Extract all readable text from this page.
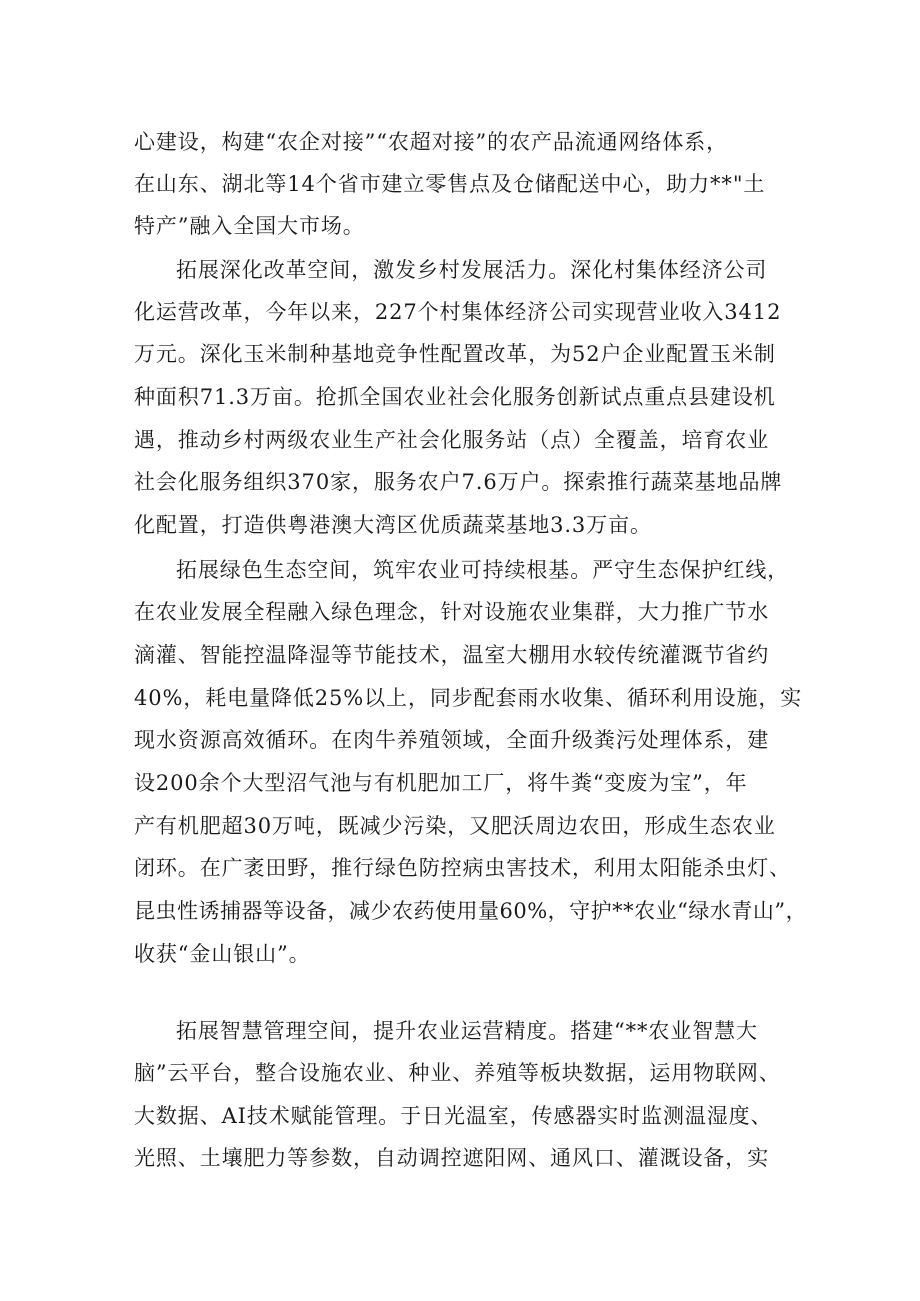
心建设，构建“农企对接”“农超对接”的农产品流通网络体系，
在山东、湖北等14个省市建立零售点及仓储配送中心，助力**"土
特产”融入全国大市场。
拓展深化改革空间，激发乡村发展活力。深化村集体经济公司
化运营改革，今年以来，227个村集体经济公司实现营业收入3412
万元。深化玉米制种基地竞争性配置改革，为52户企业配置玉米制
种面积71.3万亩。抢抓全国农业社会化服务创新试点重点县建设机
遇，推动乡村两级农业生产社会化服务站（点）全覆盖，培育农业
社会化服务组织370家，服务农户7.6万户。探索推行蔬菜基地品牌
化配置，打造供粤港澳大湾区优质蔬菜基地3.3万亩。
拓展绿色生态空间，筑牢农业可持续根基。严守生态保护红线，
在农业发展全程融入绿色理念，针对设施农业集群，大力推广节水
滴灌、智能控温降湿等节能技术，温室大棚用水较传统灌溉节省约
40%，耗电量降低25%以上，同步配套雨水收集、循环利用设施，实
现水资源高效循环。在肉牛养殖领域，全面升级粪污处理体系，建
设200余个大型沼气池与有机肥加工厂，将牛粪“变废为宝”，年
产有机肥超30万吨，既减少污染，又肥沃周边农田，形成生态农业
闭环。在广袤田野，推行绿色防控病虫害技术，利用太阳能杀虫灯、
昆虫性诱捕器等设备，减少农药使用量60%，守护**农业“绿水青山”，
收获“金山银山”。
拓展智慧管理空间，提升农业运营精度。搭建“**农业智慧大
脑”云平台，整合设施农业、种业、养殖等板块数据，运用物联网、
大数据、AI技术赋能管理。于日光温室，传感器实时监测温湿度、
光照、土壤肥力等参数，自动调控遮阳网、通风口、灌溉设备，实
